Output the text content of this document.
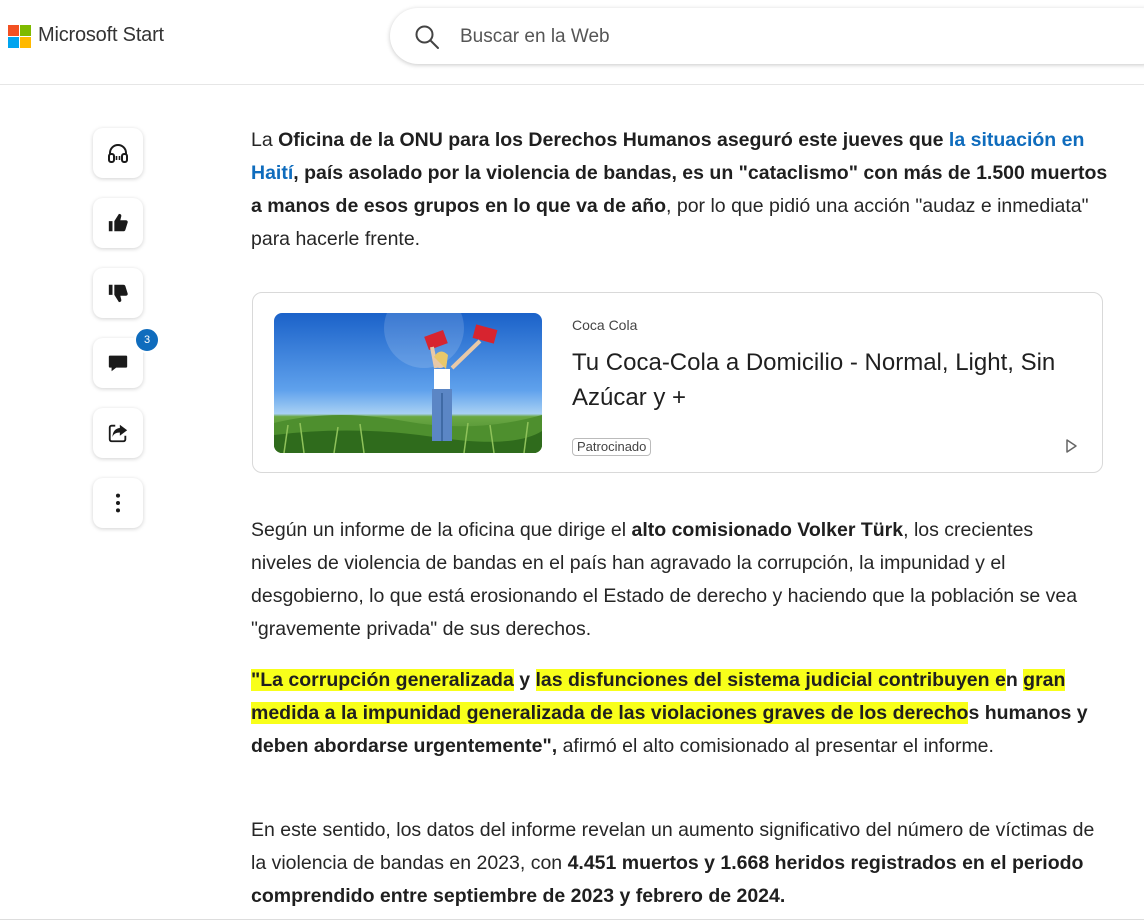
Microsoft Start	Buscar en la Web
3

La Oficina de la ONU para los Derechos Humanos aseguró este jueves que la situación en Haití, país asolado por la violencia de bandas, es un "cataclismo" con más de 1.500 muertos a manos de esos grupos en lo que va de año, por lo que pidió una acción "audaz e inmediata" para hacerle frente.

Según un informe de la oficina que dirige el alto comisionado Volker Türk, los crecientes niveles de violencia de bandas en el país han agravado la corrupción, la impunidad y el desgobierno, lo que está erosionando el Estado de derecho y haciendo que la población se vea "gravemente privada" de sus derechos.

"La corrupción generalizada y las disfunciones del sistema judicial contribuyen en gran medida a la impunidad generalizada de las violaciones graves de los derechos humanos y deben abordarse urgentemente", afirmó el alto comisionado al presentar el informe.

En este sentido, los datos del informe revelan un aumento significativo del número de víctimas de la violencia de bandas en 2023, con 4.451 muertos y 1.668 heridos registrados en el periodo comprendido entre septiembre de 2023 y febrero de 2024.

Coca Cola
Tu Coca-Cola a Domicilio - Normal, Light, Sin Azúcar y +
Patrocinado
